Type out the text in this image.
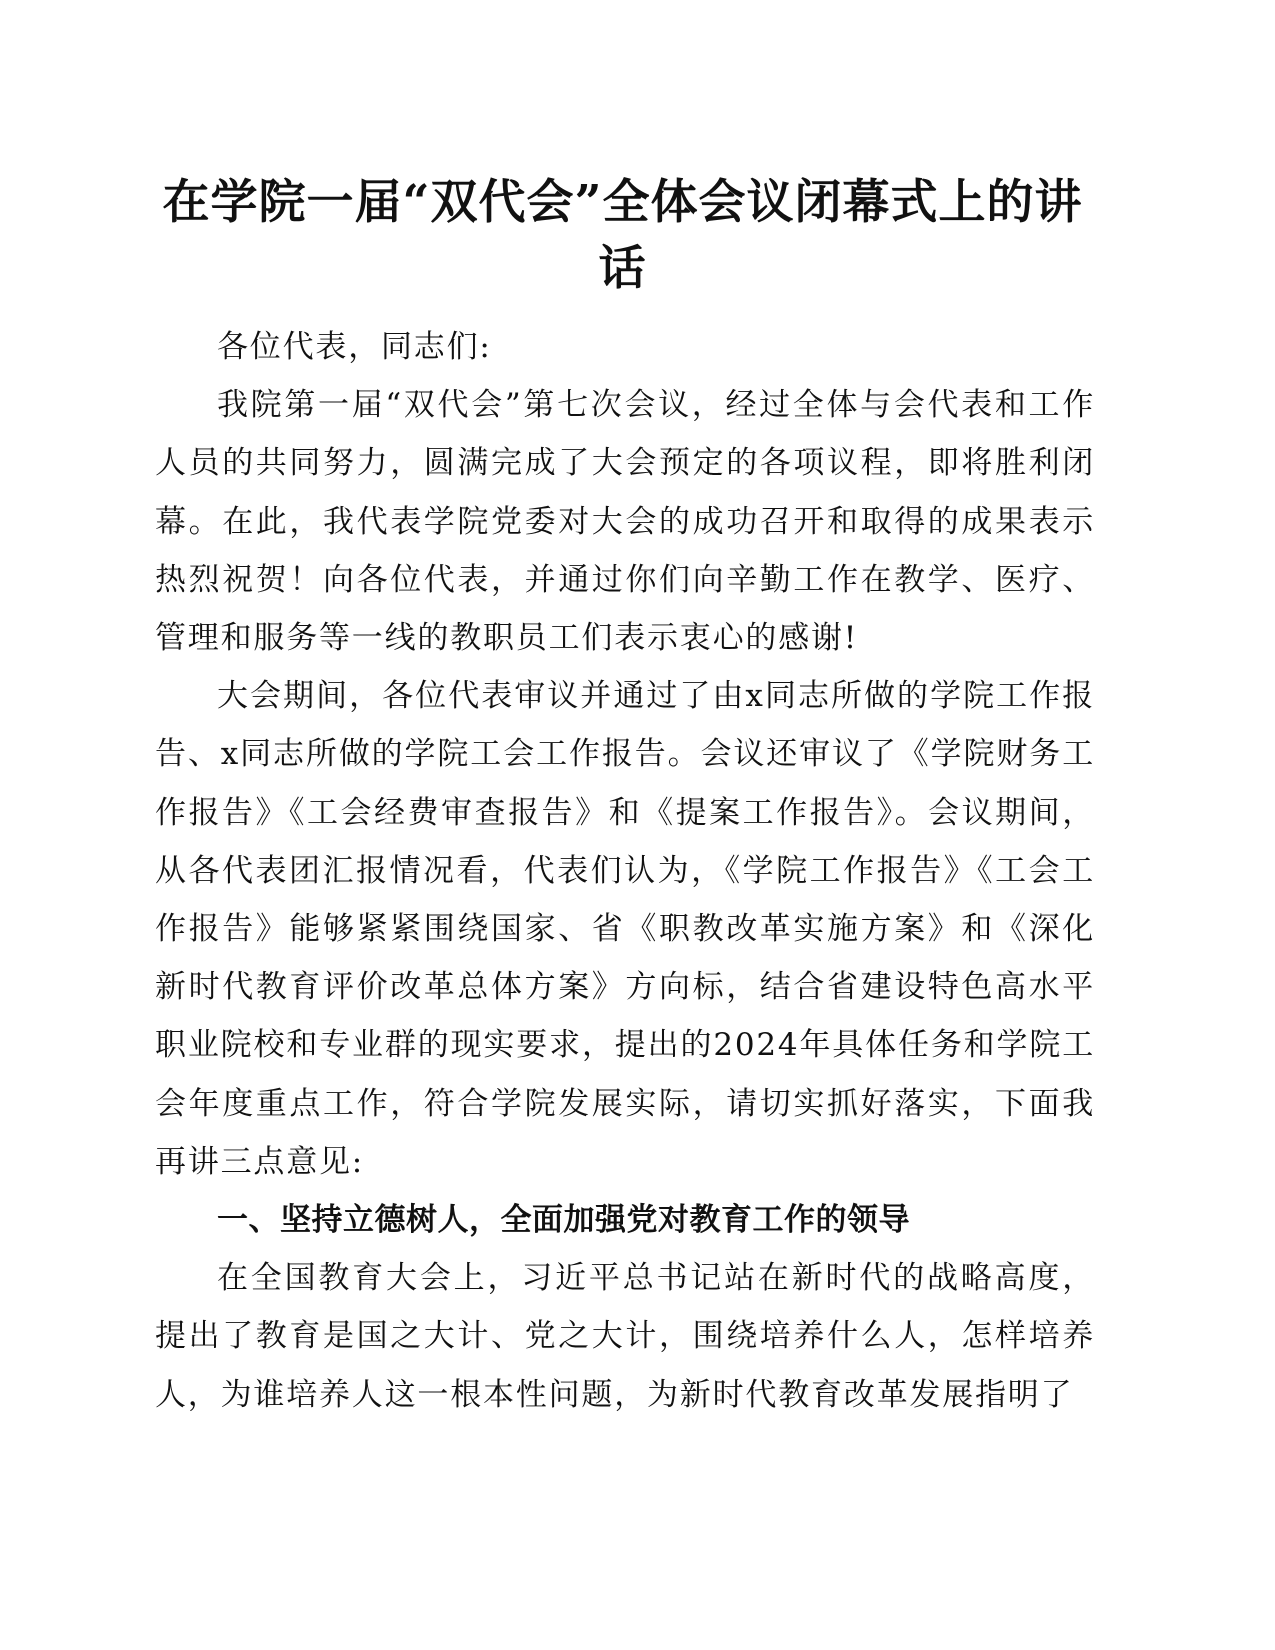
在学院一届“双代会”全体会议闭幕式上的讲话

各位代表，同志们:

我院第一届“双代会”第七次会议，经过全体与会代表和工作人员的共同努力，圆满完成了大会预定的各项议程，即将胜利闭幕。在此，我代表学院党委对大会的成功召开和取得的成果表示热烈祝贺！向各位代表，并通过你们向辛勤工作在教学、医疗、管理和服务等一线的教职员工们表示衷心的感谢!

大会期间，各位代表审议并通过了由x同志所做的学院工作报告、x同志所做的学院工会工作报告。会议还审议了《学院财务工作报告》《工会经费审查报告》和《提案工作报告》。会议期间，从各代表团汇报情况看，代表们认为，《学院工作报告》《工会工作报告》能够紧紧围绕国家、省《职教改革实施方案》和《深化新时代教育评价改革总体方案》方向标，结合省建设特色高水平职业院校和专业群的现实要求，提出的2024年具体任务和学院工会年度重点工作，符合学院发展实际，请切实抓好落实，下面我再讲三点意见:

一、坚持立德树人，全面加强党对教育工作的领导

在全国教育大会上，习近平总书记站在新时代的战略高度，提出了教育是国之大计、党之大计，围绕培养什么人，怎样培养人，为谁培养人这一根本性问题，为新时代教育改革发展指明了
